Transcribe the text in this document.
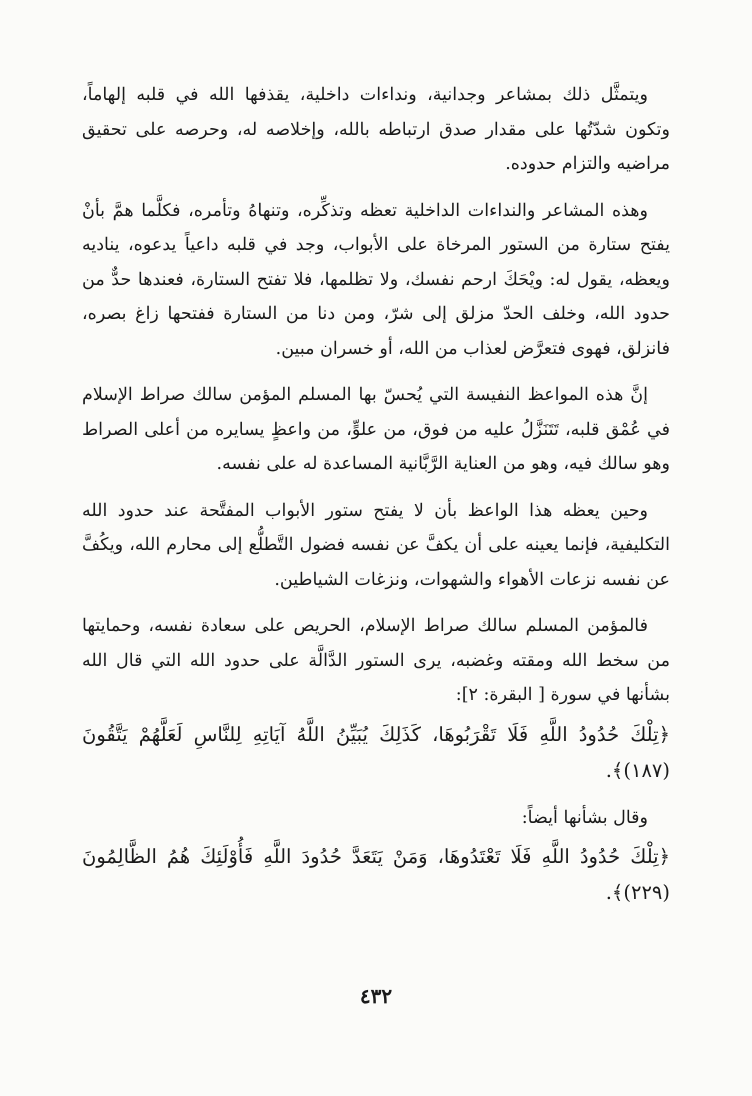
ويتمثَّل ذلك بمشاعر وجدانية، ونداءات داخلية، يقذفها الله في قلبه إلهاماً، وتكون شدّتُها على مقدار صدق ارتباطه بالله، وإخلاصه له، وحرصه على تحقيق مراضيه والتزام حدوده.

وهذه المشاعر والنداءات الداخلية تعظه وتذكِّره، وتنهاهُ وتأمره، فكلَّما همَّ بأنْ يفتح ستارة من الستور المرخاة على الأبواب، وجد في قلبه داعياً يدعوه، يناديه ويعظه، يقول له: ويْحَكَ ارحم نفسك، ولا تظلمها، فلا تفتح الستارة، فعندها حدٌّ من حدود الله، وخلف الحدّ مزلق إلى شرّ، ومن دنا من الستارة ففتحها زاغ بصره، فانزلق، فهوى فتعرَّض لعذاب من الله، أو خسران مبين.

إنَّ هذه المواعظ النفيسة التي يُحسّ بها المسلم المؤمن سالك صراط الإسلام في عُمْق قلبه، تَتَنَزَّلُ عليه من فوق، من علوٍّ، من واعظٍ يسايره من أعلى الصراط وهو سالك فيه، وهو من العناية الرَّبَّانية المساعدة له على نفسه.

وحين يعظه هذا الواعظ بأن لا يفتح ستور الأبواب المفتَّحة عند حدود الله التكليفية، فإنما يعينه على أن يكفَّ عن نفسه فضول التَّطلُّع إلى محارم الله، ويكُفَّ عن نفسه نزعات الأهواء والشهوات، ونزغات الشياطين.

فالمؤمن المسلم سالك صراط الإسلام، الحريص على سعادة نفسه، وحمايتها من سخط الله ومقته وغضبه، يرى الستور الدَّالَّة على حدود الله التي قال الله بشأنها في سورة [ البقرة: ٢]:

﴿تِلْكَ حُدُودُ اللَّهِ فَلَا تَقْرَبُوهَا، كَذَلِكَ يُبَيِّنُ اللَّهُ آيَاتِهِ لِلنَّاسِ لَعَلَّهُمْ يَتَّقُونَ (١٨٧)﴾.

وقال بشأنها أيضاً:

﴿تِلْكَ حُدُودُ اللَّهِ فَلَا تَعْتَدُوهَا، وَمَنْ يَتَعَدَّ حُدُودَ اللَّهِ فَأُوْلَئِكَ هُمُ الظَّالِمُونَ (٢٢٩)﴾.

٤٣٢
